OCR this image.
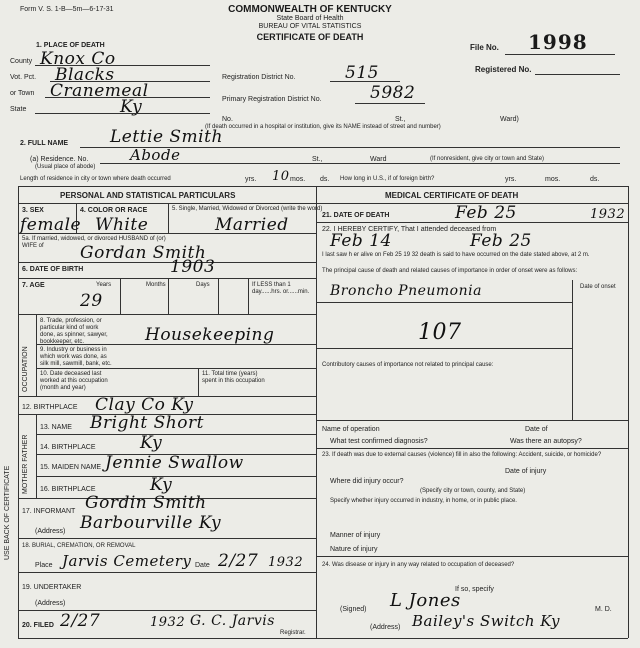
USE BACK OF CERTIFICATE
Form V. S. 1-B—5m—6-17-31	COMMONWEALTH OF KENTUCKY
State Board of Health
BUREAU OF VITAL STATISTICS
CERTIFICATE OF DEATH
File No. 1998
Registered No.
1. PLACE OF DEATH
County Knox Co
Vot. Pct. Blacks
or Town Cranemeal
State	Ky
Registration District No.	515
Primary Registration District No.	5982
No.	St.,	Ward)
(If death occurred in a hospital or institution, give its NAME instead of street and number)
2. FULL NAME Lettie Smith
(a) Residence. No.	Abode
(Usual place of abode)
St.,	Ward	(If nonresident, give city or town and State)
Length of residence in city or town where death occurred	yrs. 10 mos. ds. How long in U.S., if of foreign birth?	yrs.	mos.	ds.
PERSONAL AND STATISTICAL PARTICULARS	MEDICAL CERTIFICATE OF DEATH
3. SEX	4. COLOR OR RACE	5. Single, Married, Widowed or Divorced (write the word)
female White	Married
5a. If married, widowed, or divorced HUSBAND of (or) WIFE of	Gordan Smith
6. DATE OF BIRTH	1903
7. AGE	Years	Months	Days	If LESS than 1 day......hrs. or......min.
29
OCCUPATION
8. Trade, profession, or particular kind of work done, as spinner, sawyer, bookkeeper, etc.	Housekeeping
9. Industry or business in which work was done, as silk mill, sawmill, bank, etc.
10. Date deceased last worked at this occupation (month and year)
11. Total time (years) spent in this occupation
12. BIRTHPLACE Clay Co Ky
MOTHER FATHER
13. NAME Bright Short
14. BIRTHPLACE	Ky
15. MAIDEN NAME Jennie Swallow
16. BIRTHPLACE	Ky
17. INFORMANT Gordin Smith
(Address) Barbourville Ky
18. BURIAL, CREMATION, OR REMOVAL
Place Jarvis Cemetery Date 2/27 1932
19. UNDERTAKER
(Address)
20. FILED 2/27	1932 G. C. Jarvis
Registrar.
21. DATE OF DEATH	Feb 25	1932
22. I HEREBY CERTIFY, That I attended deceased from
Feb 14	Feb 25
I last saw h er alive on Feb 25 19 32 death is said to have occurred on the date stated above, at 2 m.
The principal cause of death and related causes of importance in order of onset were as follows:
Date of onset
Broncho Pneumonia
107
Contributory causes of importance not related to principal cause:
Name of operation	Date of
What test confirmed diagnosis?	Was there an autopsy?
23. If death was due to external causes (violence) fill in also the following: Accident, suicide, or homicide?
Date of injury
Where did injury occur?
(Specify city or town, county, and State)
Specify whether injury occurred in industry, in home, or in public place.
Manner of injury
Nature of injury
24. Was disease or injury in any way related to occupation of deceased?
If so, specify
(Signed) L Jones	M. D.
(Address) Bailey's Switch Ky
